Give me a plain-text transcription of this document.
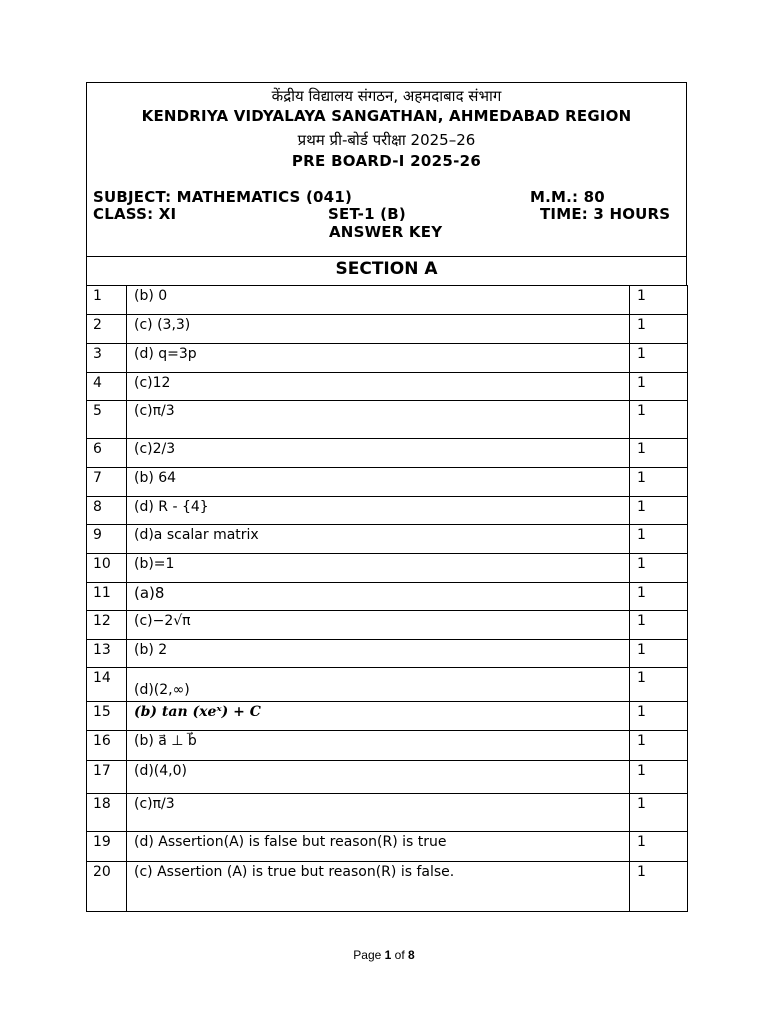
केंद्रीय विद्यालय संगठन, अहमदाबाद संभाग
KENDRIYA VIDYALAYA SANGATHAN, AHMEDABAD REGION
प्रथम प्री-बोर्ड परीक्षा 2025–26
PRE BOARD-I 2025-26
SUBJECT: MATHEMATICS (041)	M.M.: 80
CLASS: XI	SET-1 (B)	TIME: 3 HOURS
ANSWER KEY
SECTION A
1	(b) 0	1
2	(c) (3,3)	1
3	(d) q=3p	1
4	(c)12	1
5	(c)π/3	1
6	(c)2/3	1
7	(b) 64	1
8	(d) R - {4}	1
9	(d)a scalar matrix	1
10	(b)=1	1
11	(a)8	1
12	(c)−2√π	1
13	(b) 2	1
14	(d)(2,∞)	1
15	(b) tan (xeˣ) + C	1
16	(b) a⃗ ⊥ b⃗	1
17	(d)(4,0)	1
18	(c)π/3	1
19	(d) Assertion(A) is false but reason(R) is true	1
20	(c) Assertion (A) is true but reason(R) is false.	1
Page 1 of 8
